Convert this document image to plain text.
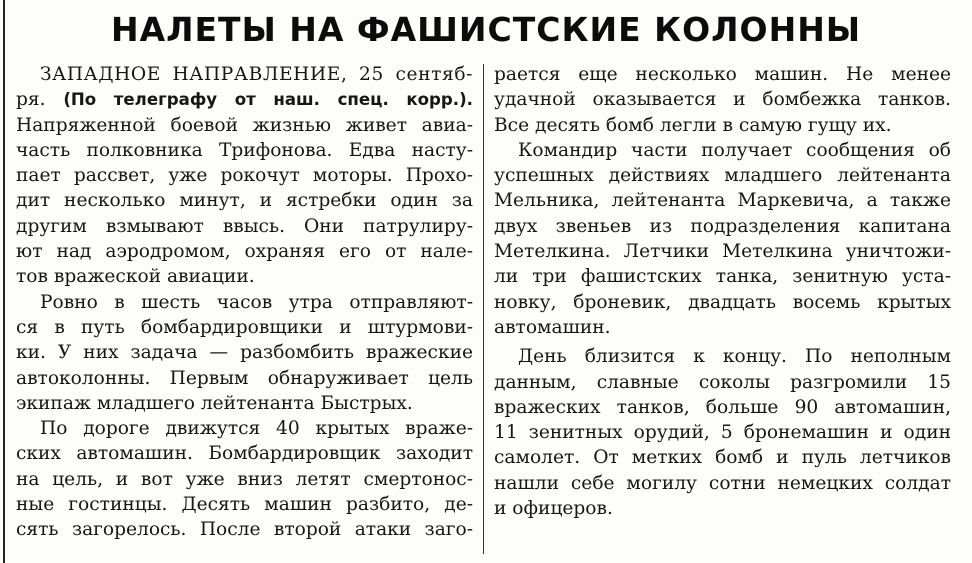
НАЛЕТЫ НА ФАШИСТСКИЕ КОЛОННЫ
ЗАПАДНОЕ НАПРАВЛЕНИЕ, 25 сентяб-
ря. (По телеграфу от наш. спец. корр.).
Напряженной боевой жизнью живет авиа-
часть полковника Трифонова. Едва насту-
пает рассвет, уже рокочут моторы. Прохо-
дит несколько минут, и ястребки один за
другим взмывают ввысь. Они патрулиру-
ют над аэродромом, охраняя его от нале-
тов вражеской авиации.
Ровно в шесть часов утра отправляют-
ся в путь бомбардировщики и штурмови-
ки. У них задача — разбомбить вражеские
автоколонны. Первым обнаруживает цель
экипаж младшего лейтенанта Быстрых.
По дороге движутся 40 крытых враже-
ских автомашин. Бомбардировщик заходит
на цель, и вот уже вниз летят смертонос-
ные гостинцы. Десять машин разбито, де-
сять загорелось. После второй атаки заго-
рается еще несколько машин. Не менее
удачной оказывается и бомбежка танков.
Все десять бомб легли в самую гущу их.
Командир части получает сообщения об
успешных действиях младшего лейтенанта
Мельника, лейтенанта Маркевича, а также
двух звеньев из подразделения капитана
Метелкина. Летчики Метелкина уничтожи-
ли три фашистских танка, зенитную уста-
новку, броневик, двадцать восемь крытых
автомашин.
День близится к концу. По неполным
данным, славные соколы разгромили 15
вражеских танков, больше 90 автомашин,
11 зенитных орудий, 5 бронемашин и один
самолет. От метких бомб и пуль летчиков
нашли себе могилу сотни немецких солдат
и офицеров.
